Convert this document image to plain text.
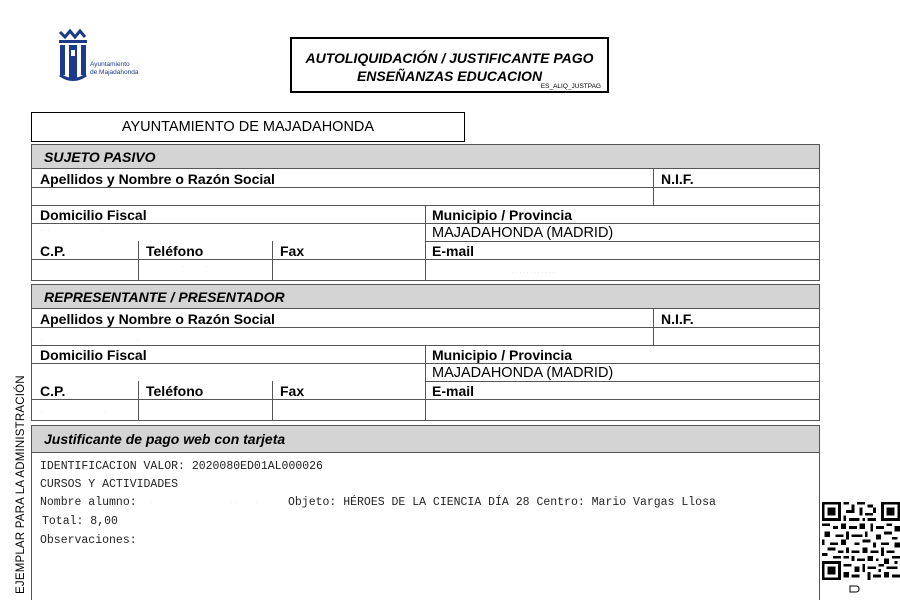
Ayuntamiento
de Majadahonda
AUTOLIQUIDACIÓN / JUSTIFICANTE PAGO
ENSEÑANZAS EDUCACION
ES_ALIQ_JUSTPAG
AYUNTAMIENTO DE MAJADAHONDA
SUJETO PASIVO
Apellidos y Nombre o Razón Social	N.I.F.
Domicilio Fiscal	Municipio / Provincia
MAJADAHONDA (MADRID)
C.P.	Teléfono	Fax	E-mail
· · ·                               ·
·             ·
· · · · · · · · · · · ·
REPRESENTANTE / PRESENTADOR
Apellidos y Nombre o Razón Social	N.I.F.
Domicilio Fiscal	Municipio / Provincia
MAJADAHONDA (MADRID)
C.P.	Teléfono	Fax	E-mail
·                                                         ·
·                                     ·
Justificante de pago web con tarjeta
IDENTIFICACION VALOR: 2020080ED01AL000026
CURSOS Y ACTIVIDADES
Nombre alumno: ·                                               · ·            ·	Objeto: HÉROES DE LA CIENCIA DÍA 28 Centro: Mario Vargas Llosa
Total: 8,00
Observaciones:
EJEMPLAR PARA LA ADMINISTRACIÓN
